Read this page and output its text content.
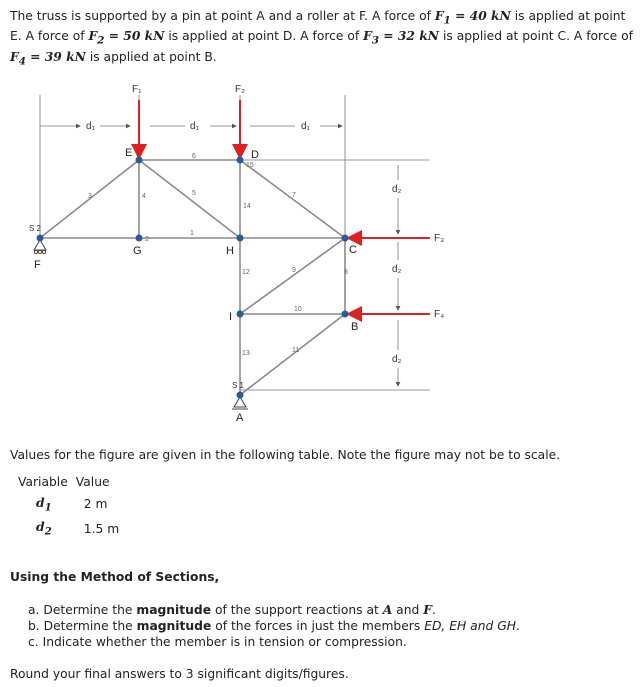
The truss is supported by a pin at point A and a roller at F. A force of $F_1 = 40$ kN is applied at point E. A force of $F_2 = 50$ kN is applied at point D. A force of $F_3 = 32$ kN is applied at point C. A force of $F_4 = 39$ kN is applied at point B.
F₁	F₂
F₃
F₄
d₁	d₁	d₁
d₂
d₂
d₂
A
B
C
D
E
F
G	H
I
1
2
3	4	5
6
7
8
9
10
11
12
13
14
15
S 2
S 1
Values for the figure are given in the following table. Note the figure may not be to scale.
Variable	Value
$d_1$	2 m
$d_2$	1.5 m
Using the Method of Sections,
a. Determine the magnitude of the support reactions at A and F.
b. Determine the magnitude of the forces in just the members ED, EH and GH.
c. Indicate whether the member is in tension or compression.
Round your final answers to 3 significant digits/figures.
